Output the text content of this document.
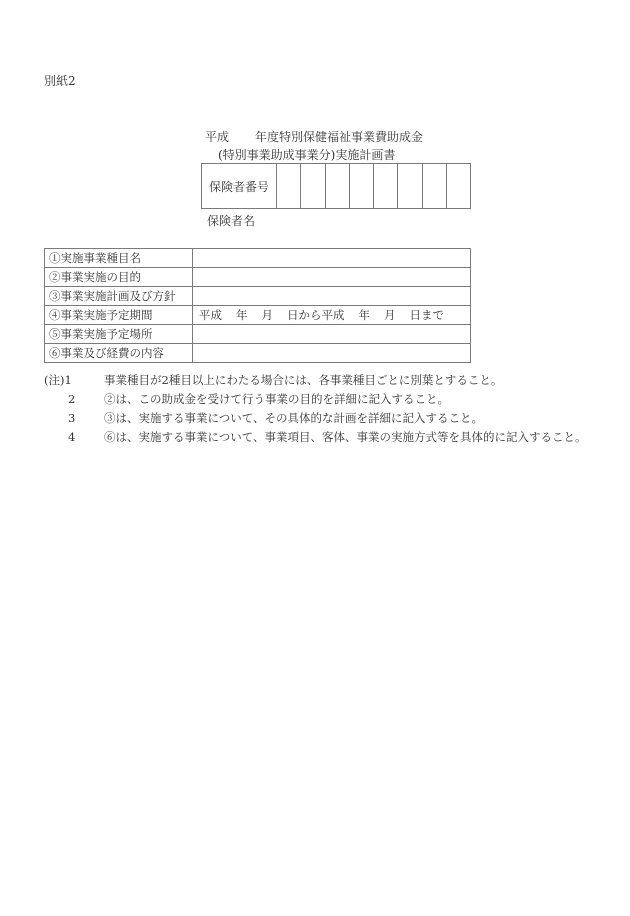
別紙2
平成 年度特別保健福祉事業費助成金
(特別事業助成事業分)実施計画書
保険者番号
保険者名
①実施事業種目名	
②事業実施の目的	
③事業実施計画及び方針	
④事業実施予定期間	平成 年 月 日から平成 年 月 日まで
⑤事業実施予定場所	
⑥事業及び経費の内容	
(注)1	事業種目が2種目以上にわたる場合には、各事業種目ごとに別葉とすること。
2	②は、この助成金を受けて行う事業の目的を詳細に記入すること。
3	③は、実施する事業について、その具体的な計画を詳細に記入すること。
4	⑥は、実施する事業について、事業項目、客体、事業の実施方式等を具体的に記入すること。
